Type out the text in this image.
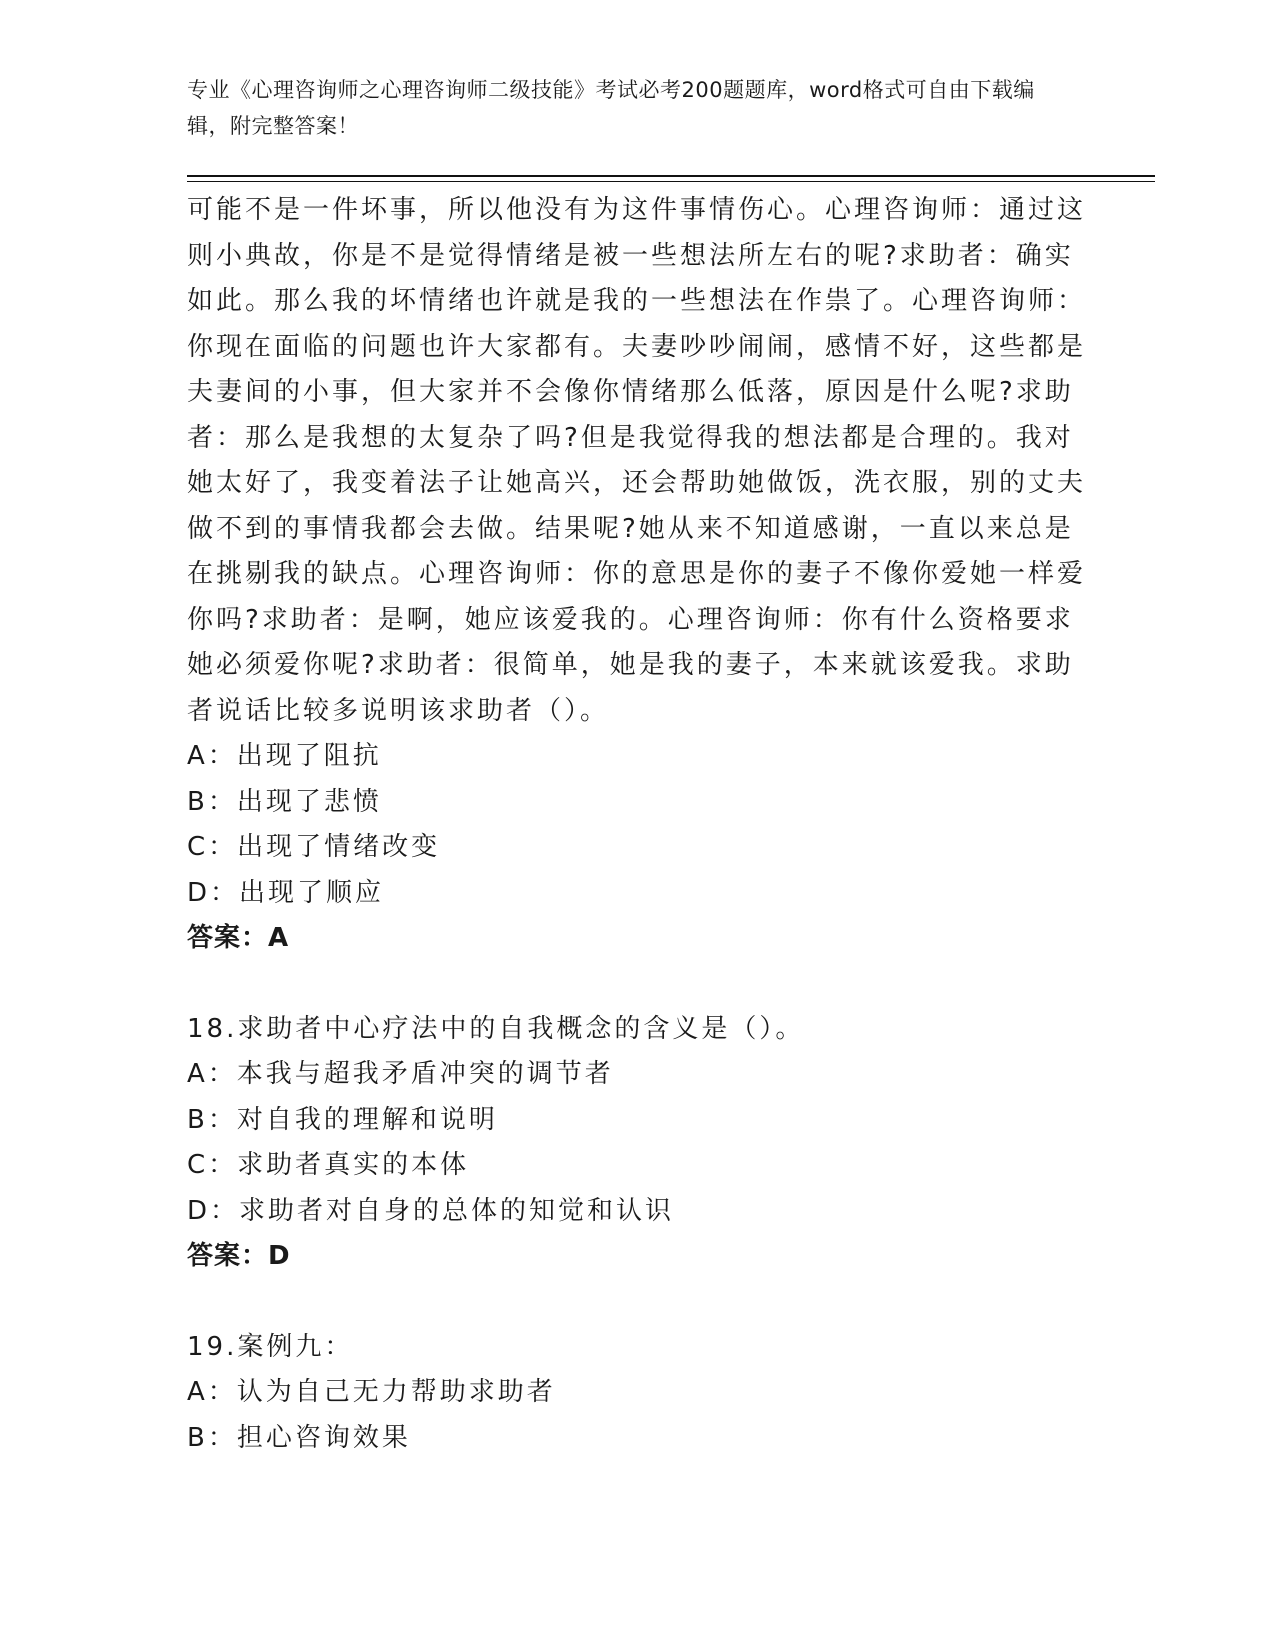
专业《心理咨询师之心理咨询师二级技能》考试必考200题题库，word格式可自由下载编辑，附完整答案！

可能不是一件坏事，所以他没有为这件事情伤心。心理咨询师：通过这则小典故，你是不是觉得情绪是被一些想法所左右的呢?求助者：确实如此。那么我的坏情绪也许就是我的一些想法在作祟了。心理咨询师：你现在面临的问题也许大家都有。夫妻吵吵闹闹，感情不好，这些都是夫妻间的小事，但大家并不会像你情绪那么低落，原因是什么呢?求助者：那么是我想的太复杂了吗?但是我觉得我的想法都是合理的。我对她太好了，我变着法子让她高兴，还会帮助她做饭，洗衣服，别的丈夫做不到的事情我都会去做。结果呢?她从来不知道感谢，一直以来总是在挑剔我的缺点。心理咨询师：你的意思是你的妻子不像你爱她一样爱你吗?求助者：是啊，她应该爱我的。心理咨询师：你有什么资格要求她必须爱你呢?求助者：很简单，她是我的妻子，本来就该爱我。求助者说话比较多说明该求助者（）。

A：出现了阻抗
B：出现了悲愤
C：出现了情绪改变
D：出现了顺应
答案：A
18.求助者中心疗法中的自我概念的含义是（）。
A：本我与超我矛盾冲突的调节者
B：对自我的理解和说明
C：求助者真实的本体
D：求助者对自身的总体的知觉和认识
答案：D
19.案例九：
A：认为自己无力帮助求助者
B：担心咨询效果
